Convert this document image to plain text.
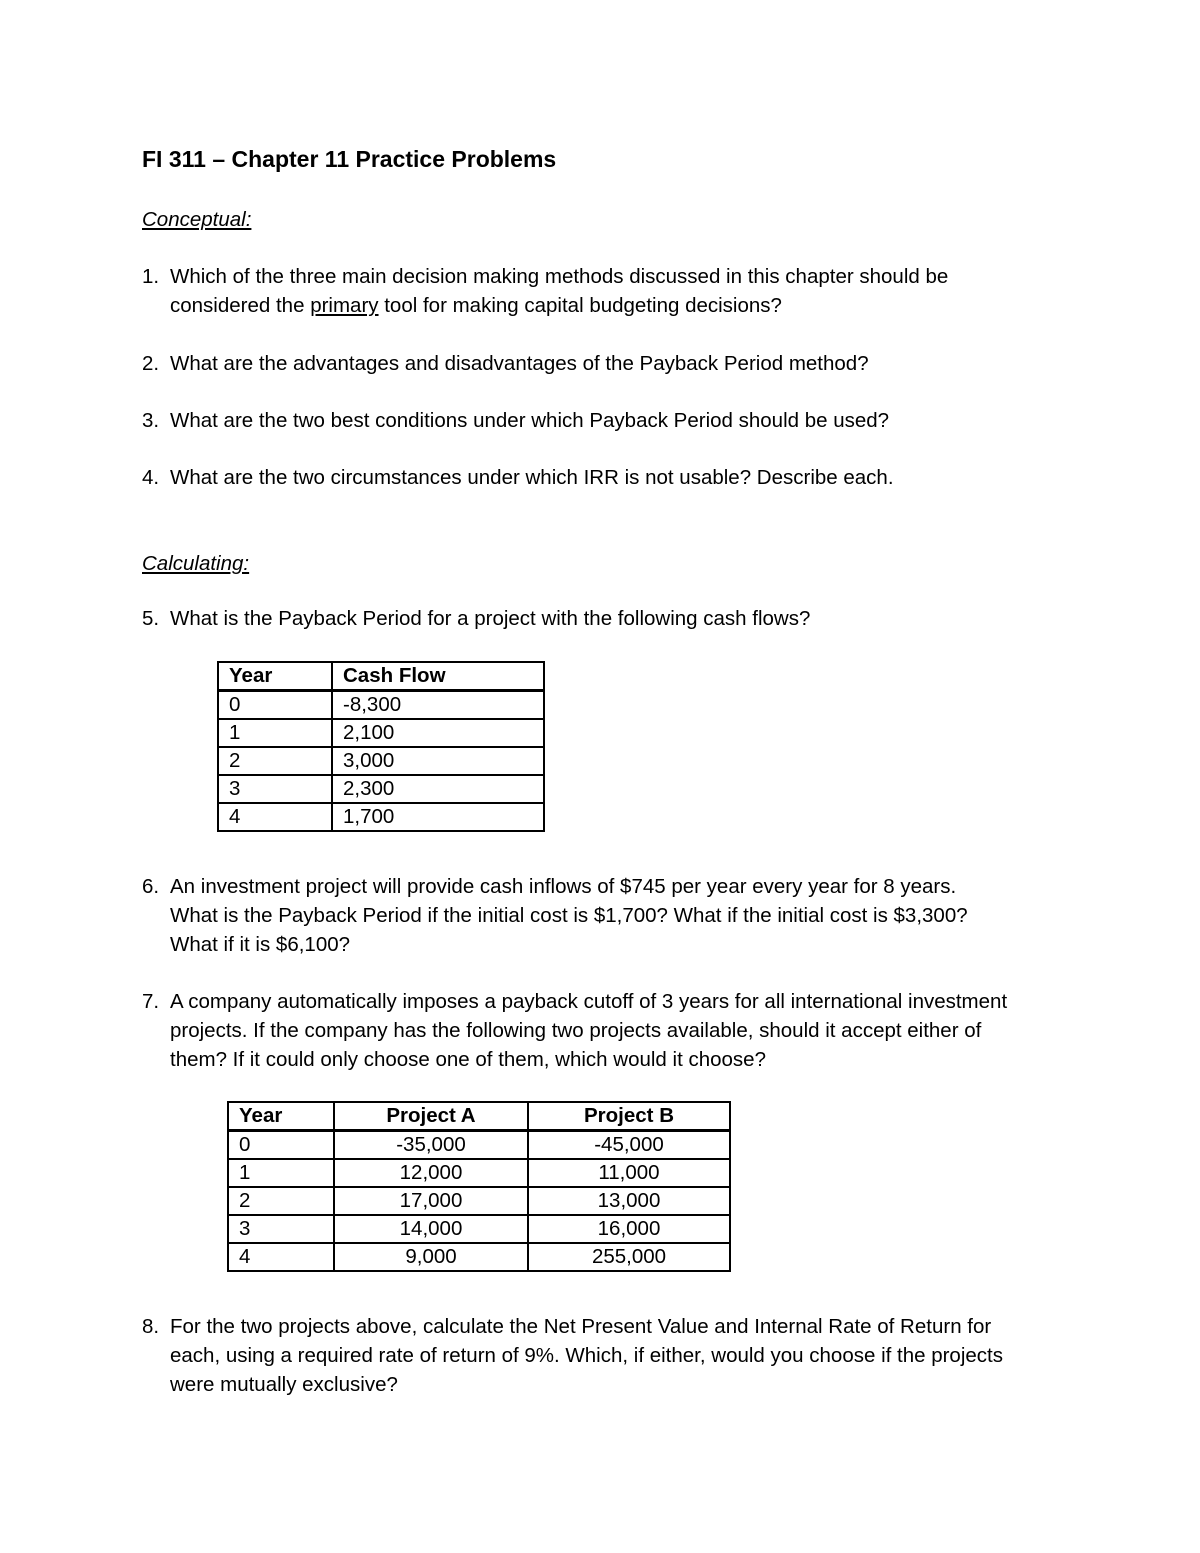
FI 311 – Chapter 11 Practice Problems
Conceptual:
1. Which of the three main decision making methods discussed in this chapter should be
considered the primary tool for making capital budgeting decisions?
2. What are the advantages and disadvantages of the Payback Period method?
3. What are the two best conditions under which Payback Period should be used?
4. What are the two circumstances under which IRR is not usable? Describe each.
Calculating:
5. What is the Payback Period for a project with the following cash flows?
Year	Cash Flow
0	-8,300
1	2,100
2	3,000
3	2,300
4	1,700
6. An investment project will provide cash inflows of $745 per year every year for 8 years.
What is the Payback Period if the initial cost is $1,700? What if the initial cost is $3,300?
What if it is $6,100?
7. A company automatically imposes a payback cutoff of 3 years for all international investment
projects. If the company has the following two projects available, should it accept either of
them? If it could only choose one of them, which would it choose?
Year	Project A	Project B
0	-35,000	-45,000
1	12,000	11,000
2	17,000	13,000
3	14,000	16,000
4	9,000	255,000
8. For the two projects above, calculate the Net Present Value and Internal Rate of Return for
each, using a required rate of return of 9%. Which, if either, would you choose if the projects
were mutually exclusive?
